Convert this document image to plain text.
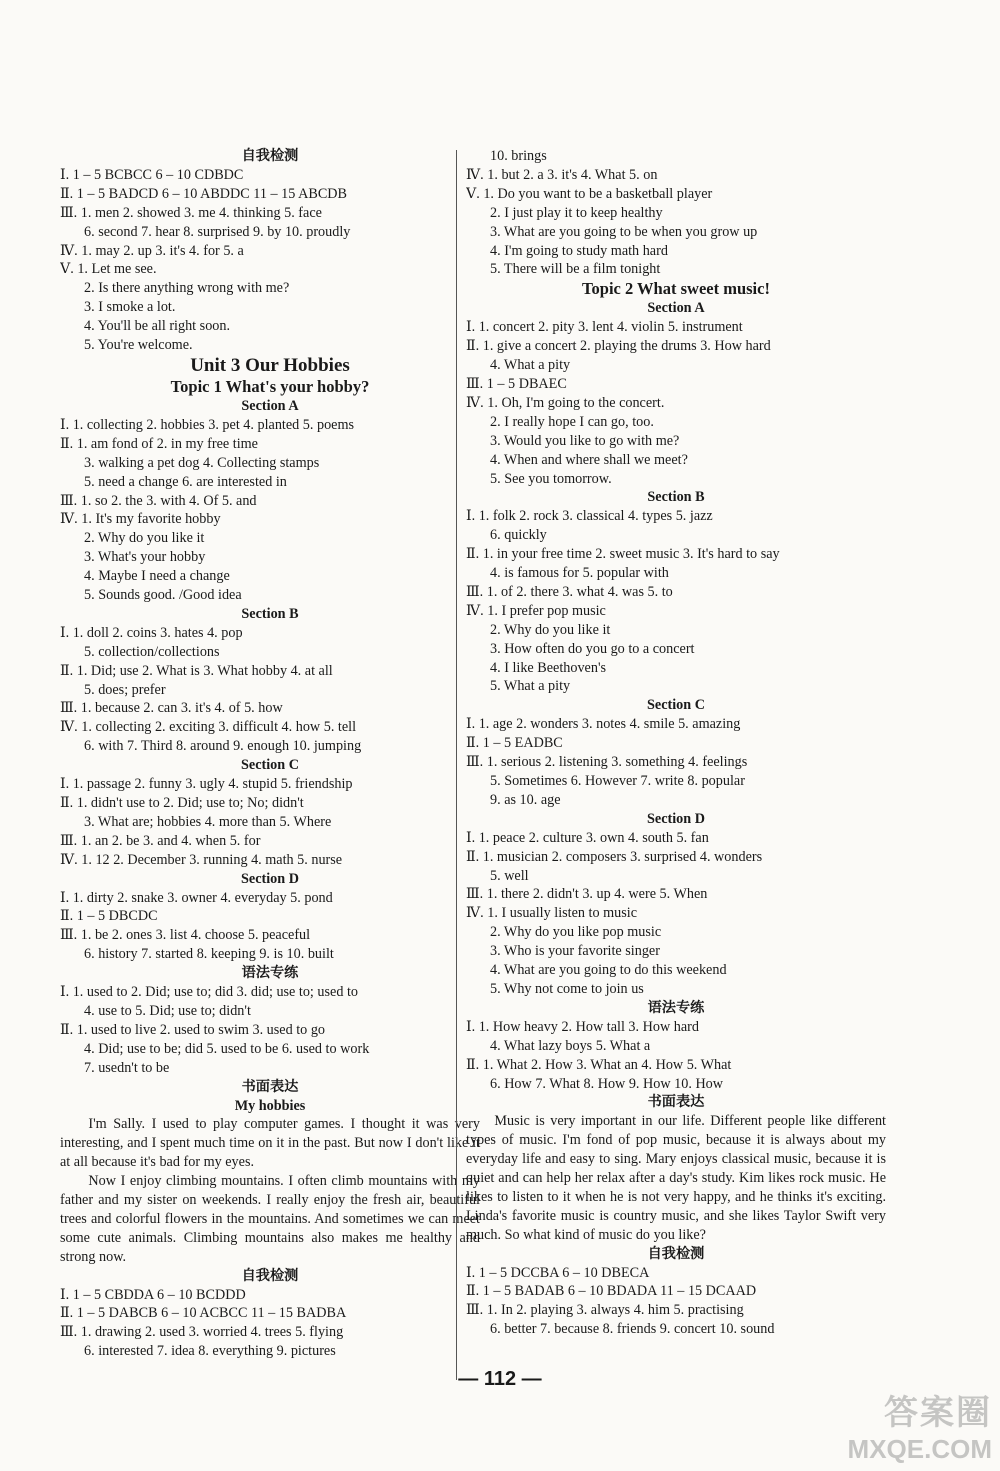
自我检测
Ⅰ. 1 – 5 BCBCC 6 – 10 CDBDC
Ⅱ. 1 – 5 BADCD 6 – 10 ABDDC 11 – 15 ABCDB
Ⅲ. 1. men 2. showed 3. me 4. thinking 5. face
6. second 7. hear 8. surprised 9. by 10. proudly
Ⅳ. 1. may 2. up 3. it's 4. for 5. a
Ⅴ. 1. Let me see.
2. Is there anything wrong with me?
3. I smoke a lot.
4. You'll be all right soon.
5. You're welcome.
Unit 3 Our Hobbies
Topic 1 What's your hobby?
Section A
Ⅰ. 1. collecting 2. hobbies 3. pet 4. planted 5. poems
Ⅱ. 1. am fond of 2. in my free time
3. walking a pet dog 4. Collecting stamps
5. need a change 6. are interested in
Ⅲ. 1. so 2. the 3. with 4. Of 5. and
Ⅳ. 1. It's my favorite hobby
2. Why do you like it
3. What's your hobby
4. Maybe I need a change
5. Sounds good. /Good idea
Section B
Ⅰ. 1. doll 2. coins 3. hates 4. pop
5. collection/collections
Ⅱ. 1. Did; use 2. What is 3. What hobby 4. at all
5. does; prefer
Ⅲ. 1. because 2. can 3. it's 4. of 5. how
Ⅳ. 1. collecting 2. exciting 3. difficult 4. how 5. tell
6. with 7. Third 8. around 9. enough 10. jumping
Section C
Ⅰ. 1. passage 2. funny 3. ugly 4. stupid 5. friendship
Ⅱ. 1. didn't use to 2. Did; use to; No; didn't
3. What are; hobbies 4. more than 5. Where
Ⅲ. 1. an 2. be 3. and 4. when 5. for
Ⅳ. 1. 12 2. December 3. running 4. math 5. nurse
Section D
Ⅰ. 1. dirty 2. snake 3. owner 4. everyday 5. pond
Ⅱ. 1 – 5 DBCDC
Ⅲ. 1. be 2. ones 3. list 4. choose 5. peaceful
6. history 7. started 8. keeping 9. is 10. built
语法专练
Ⅰ. 1. used to 2. Did; use to; did 3. did; use to; used to
4. use to 5. Did; use to; didn't
Ⅱ. 1. used to live 2. used to swim 3. used to go
4. Did; use to be; did 5. used to be 6. used to work
7. usedn't to be
书面表达
My hobbies
I'm Sally. I used to play computer games. I thought it was very interesting, and I spent much time on it in the past. But now I don't like it at all because it's bad for my eyes.
Now I enjoy climbing mountains. I often climb mountains with my father and my sister on weekends. I really enjoy the fresh air, beautiful trees and colorful flowers in the mountains. And sometimes we can meet some cute animals. Climbing mountains also makes me healthy and strong now.
自我检测
Ⅰ. 1 – 5 CBDDA 6 – 10 BCDDD
Ⅱ. 1 – 5 DABCB 6 – 10 ACBCC 11 – 15 BADBA
Ⅲ. 1. drawing 2. used 3. worried 4. trees 5. flying
6. interested 7. idea 8. everything 9. pictures
10. brings
Ⅳ. 1. but 2. a 3. it's 4. What 5. on
Ⅴ. 1. Do you want to be a basketball player
2. I just play it to keep healthy
3. What are you going to be when you grow up
4. I'm going to study math hard
5. There will be a film tonight
Topic 2 What sweet music!
Section A
Ⅰ. 1. concert 2. pity 3. lent 4. violin 5. instrument
Ⅱ. 1. give a concert 2. playing the drums 3. How hard
4. What a pity
Ⅲ. 1 – 5 DBAEC
Ⅳ. 1. Oh, I'm going to the concert.
2. I really hope I can go, too.
3. Would you like to go with me?
4. When and where shall we meet?
5. See you tomorrow.
Section B
Ⅰ. 1. folk 2. rock 3. classical 4. types 5. jazz
6. quickly
Ⅱ. 1. in your free time 2. sweet music 3. It's hard to say
4. is famous for 5. popular with
Ⅲ. 1. of 2. there 3. what 4. was 5. to
Ⅳ. 1. I prefer pop music
2. Why do you like it
3. How often do you go to a concert
4. I like Beethoven's
5. What a pity
Section C
Ⅰ. 1. age 2. wonders 3. notes 4. smile 5. amazing
Ⅱ. 1 – 5 EADBC
Ⅲ. 1. serious 2. listening 3. something 4. feelings
5. Sometimes 6. However 7. write 8. popular
9. as 10. age
Section D
Ⅰ. 1. peace 2. culture 3. own 4. south 5. fan
Ⅱ. 1. musician 2. composers 3. surprised 4. wonders
5. well
Ⅲ. 1. there 2. didn't 3. up 4. were 5. When
Ⅳ. 1. I usually listen to music
2. Why do you like pop music
3. Who is your favorite singer
4. What are you going to do this weekend
5. Why not come to join us
语法专练
Ⅰ. 1. How heavy 2. How tall 3. How hard
4. What lazy boys 5. What a
Ⅱ. 1. What 2. How 3. What an 4. How 5. What
6. How 7. What 8. How 9. How 10. How
书面表达
Music is very important in our life. Different people like different types of music. I'm fond of pop music, because it is always about my everyday life and easy to sing. Mary enjoys classical music, because it is quiet and can help her relax after a day's study. Kim likes rock music. He likes to listen to it when he is not very happy, and he thinks it's exciting. Linda's favorite music is country music, and she likes Taylor Swift very much. So what kind of music do you like?
自我检测
Ⅰ. 1 – 5 DCCBA 6 – 10 DBECA
Ⅱ. 1 – 5 BADAB 6 – 10 BDADA 11 – 15 DCAAD
Ⅲ. 1. In 2. playing 3. always 4. him 5. practising
6. better 7. because 8. friends 9. concert 10. sound
— 112 —
答案圈
MXQE.COM
